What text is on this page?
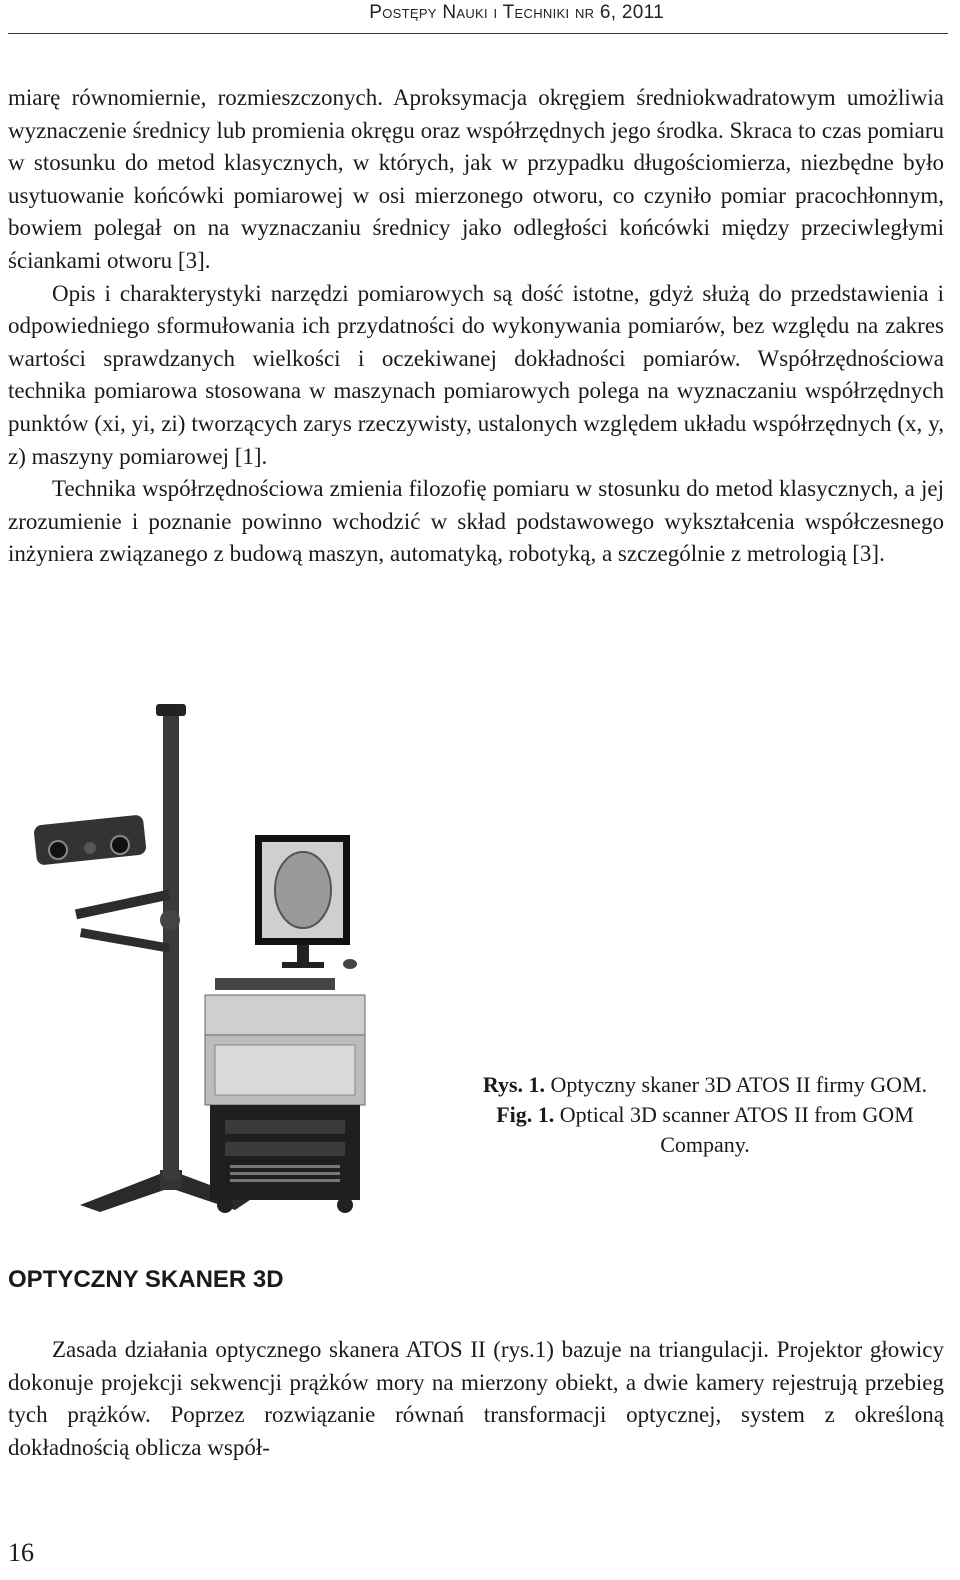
Postępy Nauki i Techniki nr 6, 2011

miarę równomiernie, rozmieszczonych. Aproksymacja okręgiem średniokwadratowym umożliwia wyznaczenie średnicy lub promienia okręgu oraz współrzędnych jego środka. Skraca to czas pomiaru w stosunku do metod klasycznych, w których, jak w przypadku długościomierza, niezbędne było usytuowanie końcówki pomiarowej w osi mierzonego otworu, co czyniło pomiar pracochłonnym, bowiem polegał on na wyznaczaniu średnicy jako odległości końcówki między przeciwległymi ściankami otworu [3].

Opis i charakterystyki narzędzi pomiarowych są dość istotne, gdyż służą do przedstawienia i odpowiedniego sformułowania ich przydatności do wykonywania pomiarów, bez względu na zakres wartości sprawdzanych wielkości i oczekiwanej dokładności pomiarów. Współrzędnościowa technika pomiarowa stosowana w maszynach pomiarowych polega na wyznaczaniu współrzędnych punktów (xi, yi, zi) tworzących zarys rzeczywisty, ustalonych względem układu współrzędnych (x, y, z) maszyny pomiarowej [1].

Technika współrzędnościowa zmienia filozofię pomiaru w stosunku do metod klasycznych, a jej zrozumienie i poznanie powinno wchodzić w skład podstawowego wykształcenia współczesnego inżyniera związanego z budową maszyn, automatyką, robotyką, a szczególnie z metrologią [3].

Rys. 1. Optyczny skaner 3D ATOS II firmy GOM.
Fig. 1. Optical 3D scanner ATOS II from GOM Company.
OPTYCZNY SKANER 3D

Zasada działania optycznego skanera ATOS II (rys.1) bazuje na triangulacji. Projektor głowicy dokonuje projekcji sekwencji prążków mory na mierzony obiekt, a dwie kamery rejestrują przebieg tych prążków. Poprzez rozwiązanie równań transformacji optycznej, system z określoną dokładnością oblicza współ-

16
